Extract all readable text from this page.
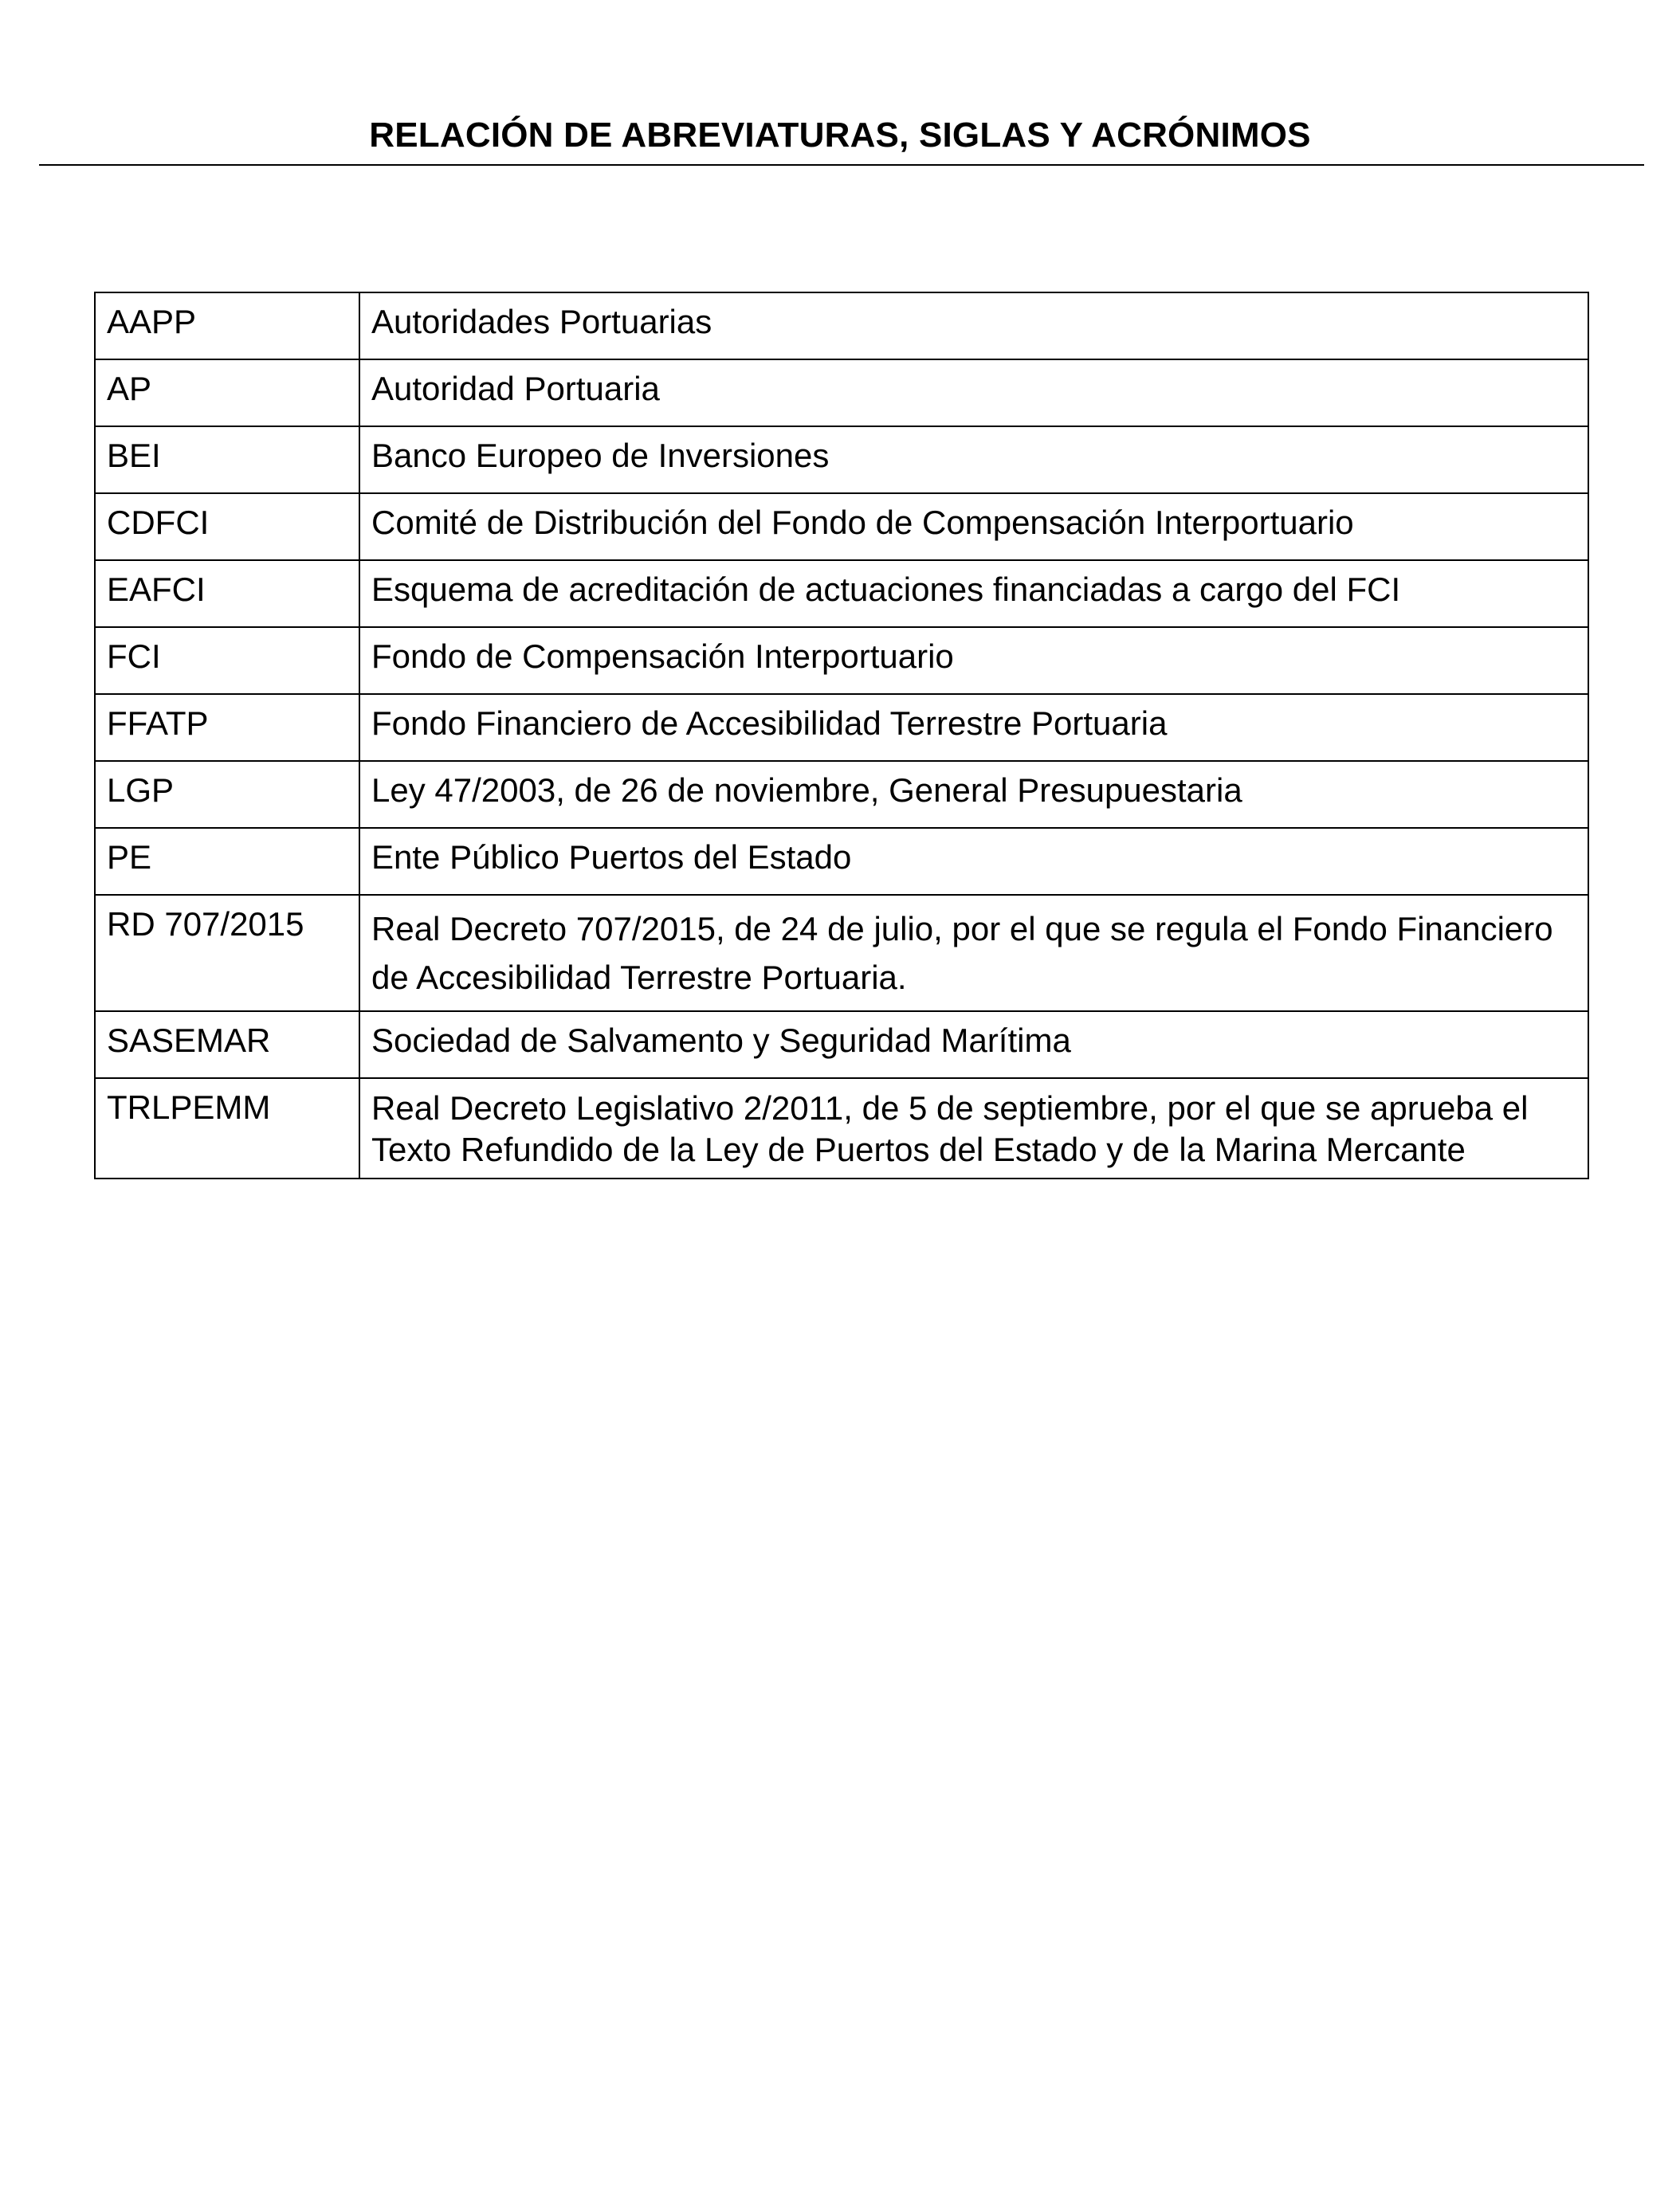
RELACIÓN DE ABREVIATURAS, SIGLAS Y ACRÓNIMOS
AAPP	Autoridades Portuarias
AP	Autoridad Portuaria
BEI	Banco Europeo de Inversiones
CDFCI	Comité de Distribución del Fondo de Compensación Interportuario
EAFCI	Esquema de acreditación de actuaciones financiadas a cargo del FCI
FCI	Fondo de Compensación Interportuario
FFATP	Fondo Financiero de Accesibilidad Terrestre Portuaria
LGP	Ley 47/2003, de 26 de noviembre, General Presupuestaria
PE	Ente Público Puertos del Estado
RD 707/2015	Real Decreto 707/2015, de 24 de julio, por el que se regula el Fondo Financiero de Accesibilidad Terrestre Portuaria.
SASEMAR	Sociedad de Salvamento y Seguridad Marítima
TRLPEMM	Real Decreto Legislativo 2/2011, de 5 de septiembre, por el que se aprueba el Texto Refundido de la Ley de Puertos del Estado y de la Marina Mercante
